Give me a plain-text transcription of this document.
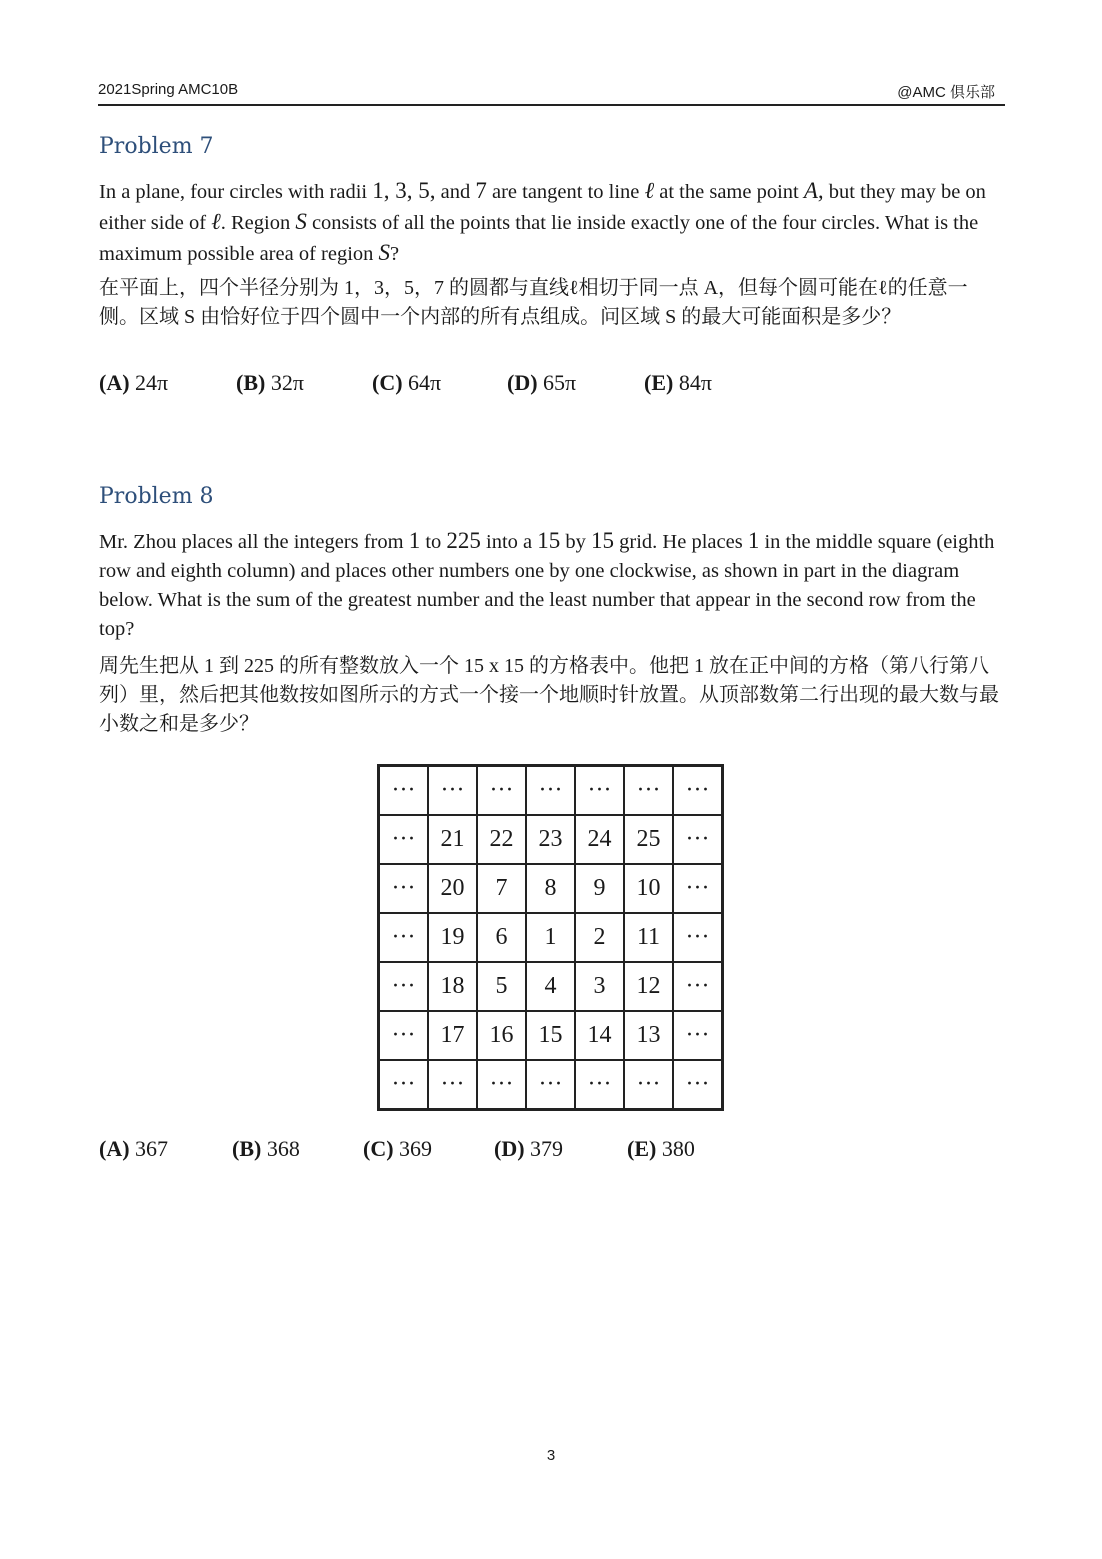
2021Spring AMC10B	@AMC 俱乐部
Problem 7
In a plane, four circles with radii 1, 3, 5, and 7 are tangent to line ℓ at the same point A, but they may be on either side of ℓ. Region S consists of all the points that lie inside exactly one of the four circles. What is the maximum possible area of region S?
在平面上，四个半径分别为 1，3，5，7 的圆都与直线ℓ相切于同一点 A，但每个圆可能在ℓ的任意一侧。区域 S 由恰好位于四个圆中一个内部的所有点组成。问区域 S 的最大可能面积是多少？
(A) 24π	(B) 32π	(C) 64π	(D) 65π	(E) 84π
Problem 8
Mr. Zhou places all the integers from 1 to 225 into a 15 by 15 grid. He places 1 in the middle square (eighth row and eighth column) and places other numbers one by one clockwise, as shown in part in the diagram below. What is the sum of the greatest number and the least number that appear in the second row from the top?
周先生把从 1 到 225 的所有整数放入一个 15 x 15 的方格表中。他把 1 放在正中间的方格（第八行第八列）里，然后把其他数按如图所示的方式一个接一个地顺时针放置。从顶部数第二行出现的最大数与最小数之和是多少？
···	···	···	···	···	···	···
···	21	22	23	24	25	···
···	20	7	8	9	10	···
···	19	6	1	2	11	···
···	18	5	4	3	12	···
···	17	16	15	14	13	···
···	···	···	···	···	···	···
(A) 367	(B) 368	(C) 369	(D) 379	(E) 380
3
